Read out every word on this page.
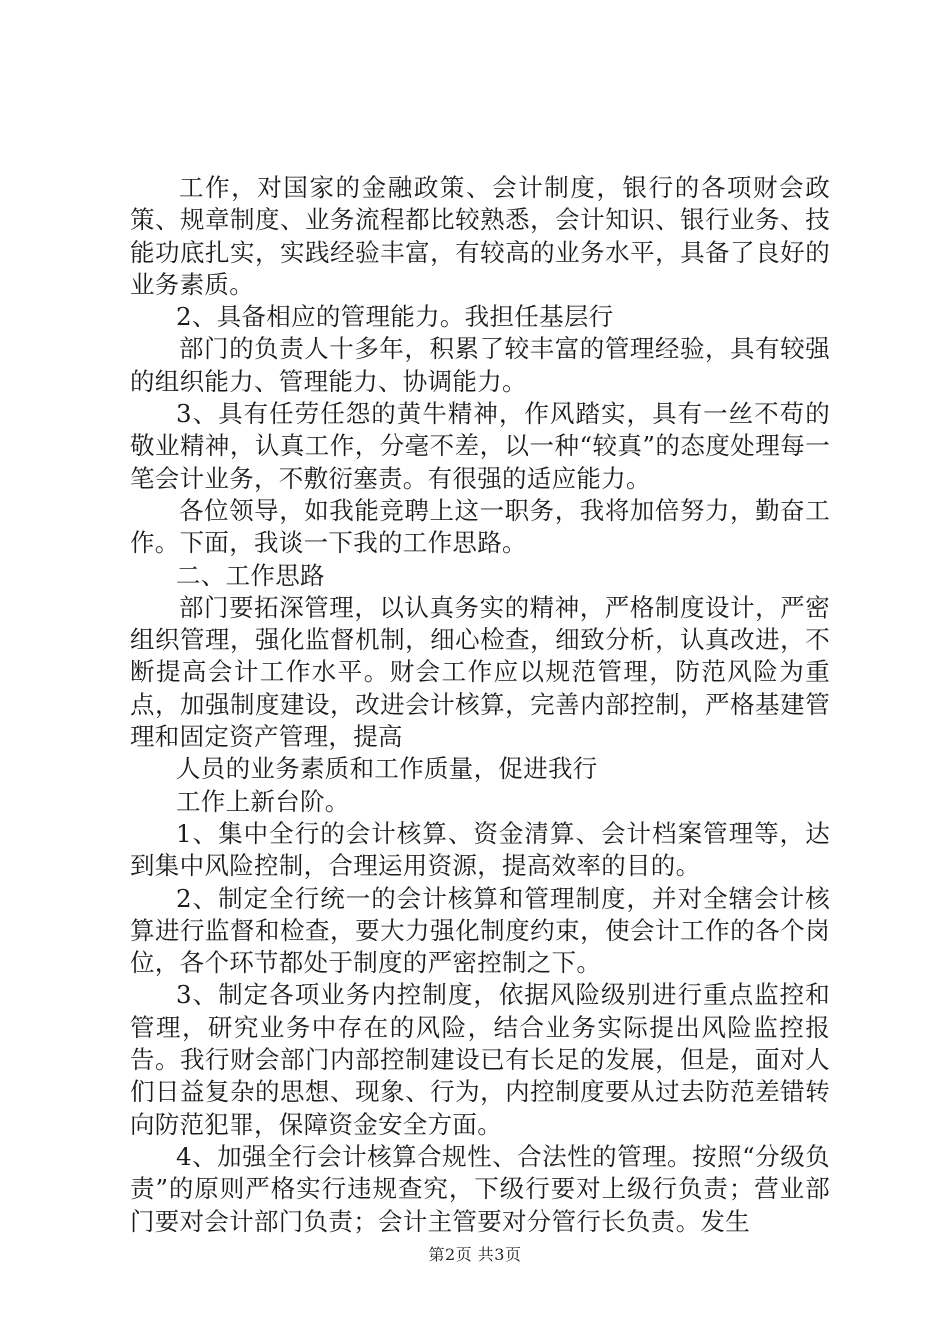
工作，对国家的金融政策、会计制度，银行的各项财会政策、规章制度、业务流程都比较熟悉，会计知识、银行业务、技能功底扎实，实践经验丰富，有较高的业务水平，具备了良好的业务素质。

2、具备相应的管理能力。我担任基层行

部门的负责人十多年，积累了较丰富的管理经验，具有较强的组织能力、管理能力、协调能力。

3、具有任劳任怨的黄牛精神，作风踏实，具有一丝不苟的敬业精神，认真工作，分毫不差，以一种“较真”的态度处理每一笔会计业务，不敷衍塞责。有很强的适应能力。

各位领导，如我能竞聘上这一职务，我将加倍努力，勤奋工作。下面，我谈一下我的工作思路。

二、工作思路

部门要拓深管理，以认真务实的精神，严格制度设计，严密组织管理，强化监督机制，细心检查，细致分析，认真改进，不断提高会计工作水平。财会工作应以规范管理，防范风险为重点，加强制度建设，改进会计核算，完善内部控制，严格基建管理和固定资产管理，提高

人员的业务素质和工作质量，促进我行

工作上新台阶。

1、集中全行的会计核算、资金清算、会计档案管理等，达到集中风险控制，合理运用资源，提高效率的目的。

2、制定全行统一的会计核算和管理制度，并对全辖会计核算进行监督和检查，要大力强化制度约束，使会计工作的各个岗位，各个环节都处于制度的严密控制之下。

3、制定各项业务内控制度，依据风险级别进行重点监控和管理，研究业务中存在的风险，结合业务实际提出风险监控报告。我行财会部门内部控制建设已有长足的发展，但是，面对人们日益复杂的思想、现象、行为，内控制度要从过去防范差错转向防范犯罪，保障资金安全方面。

4、加强全行会计核算合规性、合法性的管理。按照“分级负责”的原则严格实行违规查究，下级行要对上级行负责；营业部门要对会计部门负责；会计主管要对分管行长负责。发生

第2页 共3页
